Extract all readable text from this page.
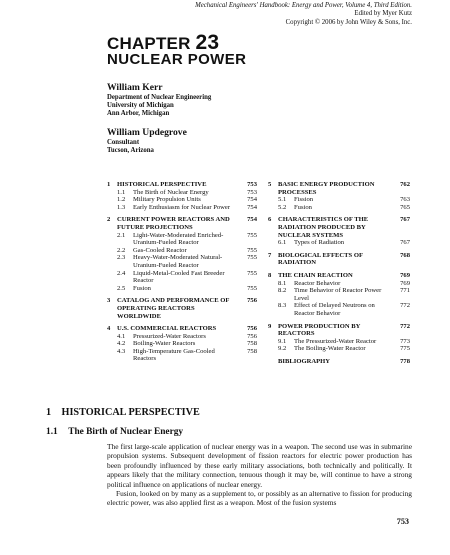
Mechanical Engineers' Handbook: Energy and Power, Volume 4, Third Edition.
Edited by Myer Kutz
Copyright © 2006 by John Wiley & Sons, Inc.
CHAPTER 23
NUCLEAR POWER
William Kerr
Department of Nuclear Engineering
University of Michigan
Ann Arbor, Michigan
William Updegrove
Consultant
Tucson, Arizona
1	HISTORICAL PERSPECTIVE	753
1.1	The Birth of Nuclear Energy	753
1.2	Military Propulsion Units	754
1.3	Early Enthusiasm for Nuclear Power	754
2	CURRENT POWER REACTORS AND FUTURE PROJECTIONS
754
2.1	Light-Water-Moderated Enriched-Uranium-Fueled Reactor
755
2.2	Gas-Cooled Reactor	755
2.3	Heavy-Water-Moderated Natural-Uranium-Fueled Reactor
755
2.4	Liquid-Metal-Cooled Fast Breeder Reactor
755
2.5	Fusion	755
3	CATALOG AND PERFORMANCE OF OPERATING REACTORS WORLDWIDE
756
4	U.S. COMMERCIAL REACTORS	756
4.1	Pressurized-Water Reactors	756
4.2	Boiling-Water Reactors	758
4.3	High-Temperature Gas-Cooled Reactors
758
5	BASIC ENERGY PRODUCTION PROCESSES
762
5.1	Fission	763
5.2	Fusion	765
6	CHARACTERISTICS OF THE RADIATION PRODUCED BY NUCLEAR SYSTEMS
767
6.1	Types of Radiation	767
7	BIOLOGICAL EFFECTS OF RADIATION
768
8	THE CHAIN REACTION	769
8.1	Reactor Behavior	769
8.2	Time Behavior of Reactor Power Level
771
8.3	Effect of Delayed Neutrons on Reactor Behavior
772
9	POWER PRODUCTION BY REACTORS
772
9.1	The Pressurized-Water Reactor	773
9.2	The Boiling-Water Reactor	775
BIBLIOGRAPHY	778
1 HISTORICAL PERSPECTIVE
1.1 The Birth of Nuclear Energy

The first large-scale application of nuclear energy was in a weapon. The second use was in submarine propulsion systems. Subsequent development of fission reactors for electric power production has been profoundly influenced by these early military associations, both technically and politically. It appears likely that the military connection, tenuous though it may be, will continue to have a strong political influence on applications of nuclear energy.

Fusion, looked on by many as a supplement to, or possibly as an alternative to fission for producing electric power, was also applied first as a weapon. Most of the fusion systems

753
